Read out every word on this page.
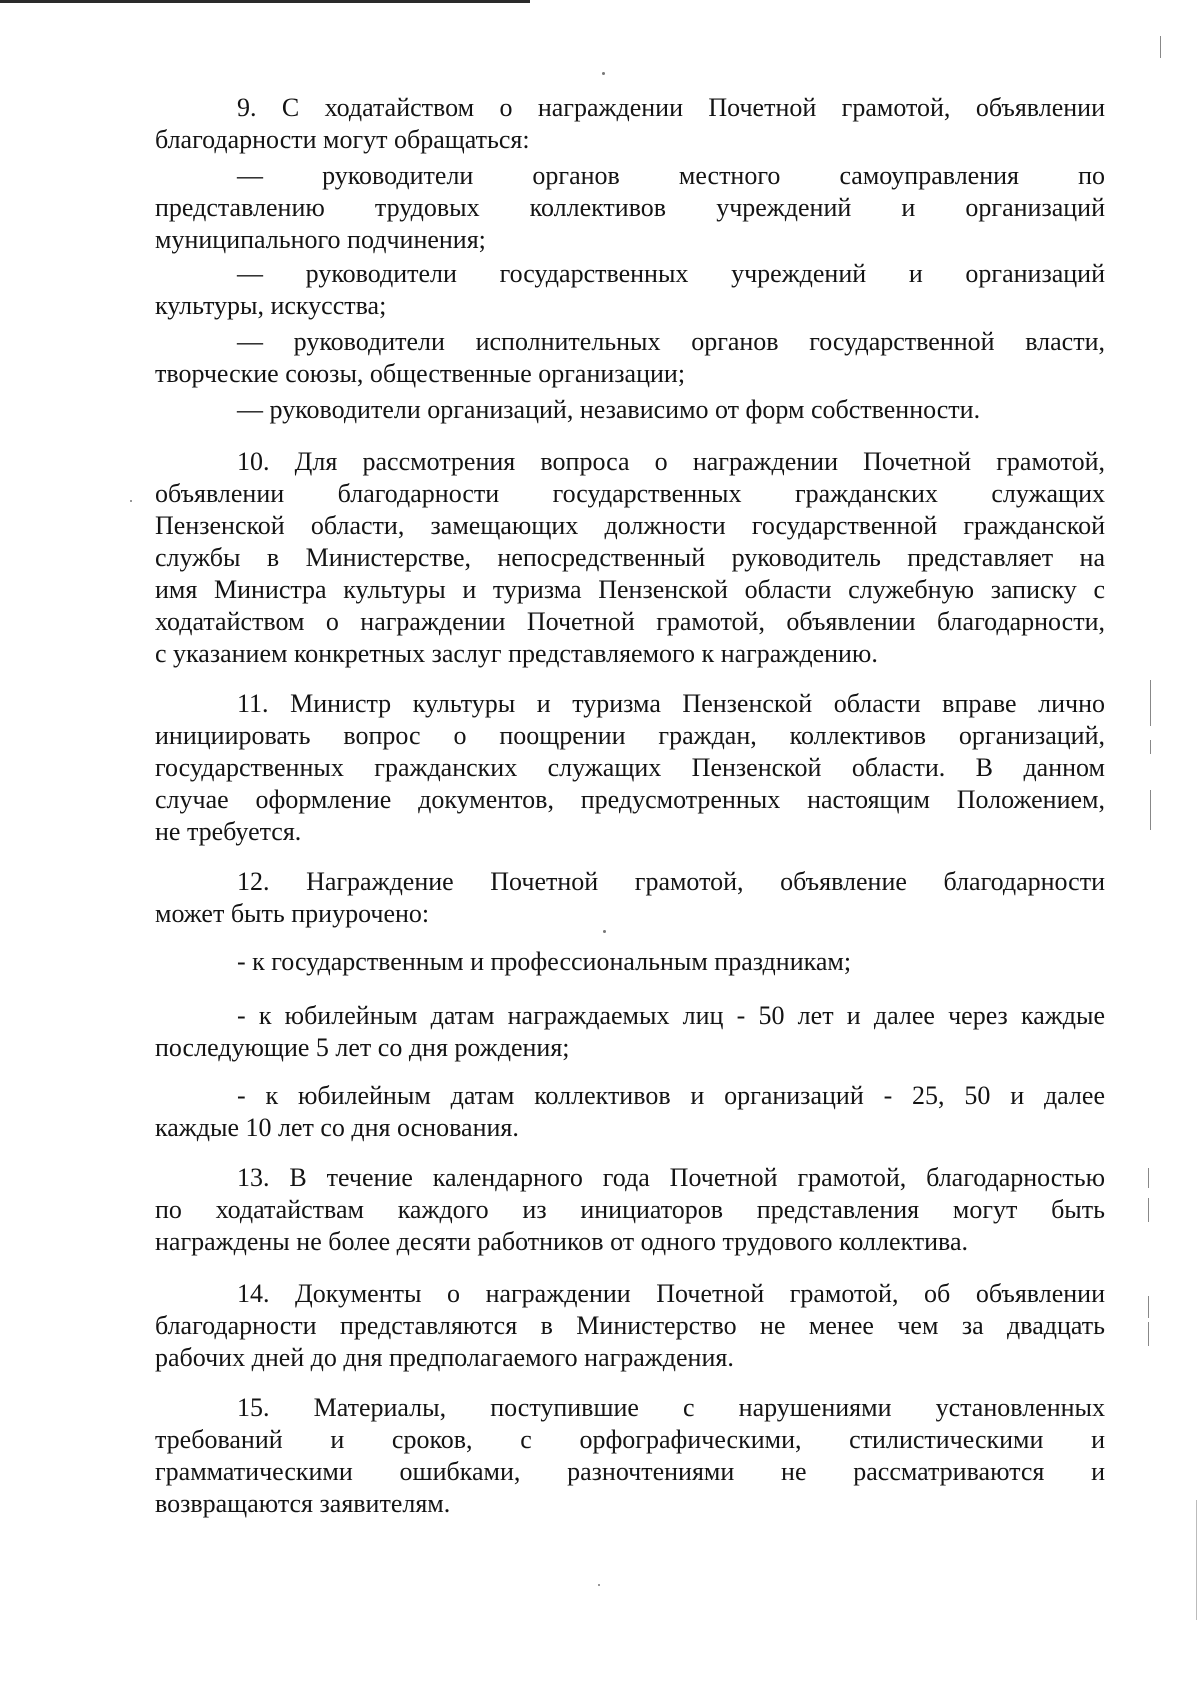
9. С ходатайством о награждении Почетной грамотой, объявлении
благодарности могут обращаться:
— руководители органов местного самоуправления по
представлению трудовых коллективов учреждений и организаций
муниципального подчинения;
— руководители государственных учреждений и организаций
культуры, искусства;
— руководители исполнительных органов государственной власти,
творческие союзы, общественные организации;
— руководители организаций, независимо от форм собственности.
10. Для рассмотрения вопроса о награждении Почетной грамотой,
объявлении благодарности государственных гражданских служащих
Пензенской области, замещающих должности государственной гражданской
службы в Министерстве, непосредственный руководитель представляет на
имя Министра культуры и туризма Пензенской области служебную записку с
ходатайством о награждении Почетной грамотой, объявлении благодарности,
с указанием конкретных заслуг представляемого к награждению.
11. Министр культуры и туризма Пензенской области вправе лично
инициировать вопрос о поощрении граждан, коллективов организаций,
государственных гражданских служащих Пензенской области. В данном
случае оформление документов, предусмотренных настоящим Положением,
не требуется.
12. Награждение Почетной грамотой, объявление благодарности
может быть приурочено:
- к государственным и профессиональным праздникам;
- к юбилейным датам награждаемых лиц - 50 лет и далее через каждые
последующие 5 лет со дня рождения;
- к юбилейным датам коллективов и организаций - 25, 50 и далее
каждые 10 лет со дня основания.
13. В течение календарного года Почетной грамотой, благодарностью
по ходатайствам каждого из инициаторов представления могут быть
награждены не более десяти работников от одного трудового коллектива.
14. Документы о награждении Почетной грамотой, об объявлении
благодарности представляются в Министерство не менее чем за двадцать
рабочих дней до дня предполагаемого награждения.
15. Материалы, поступившие с нарушениями установленных
требований и сроков, с орфографическими, стилистическими и
грамматическими ошибками, разночтениями не рассматриваются и
возвращаются заявителям.
